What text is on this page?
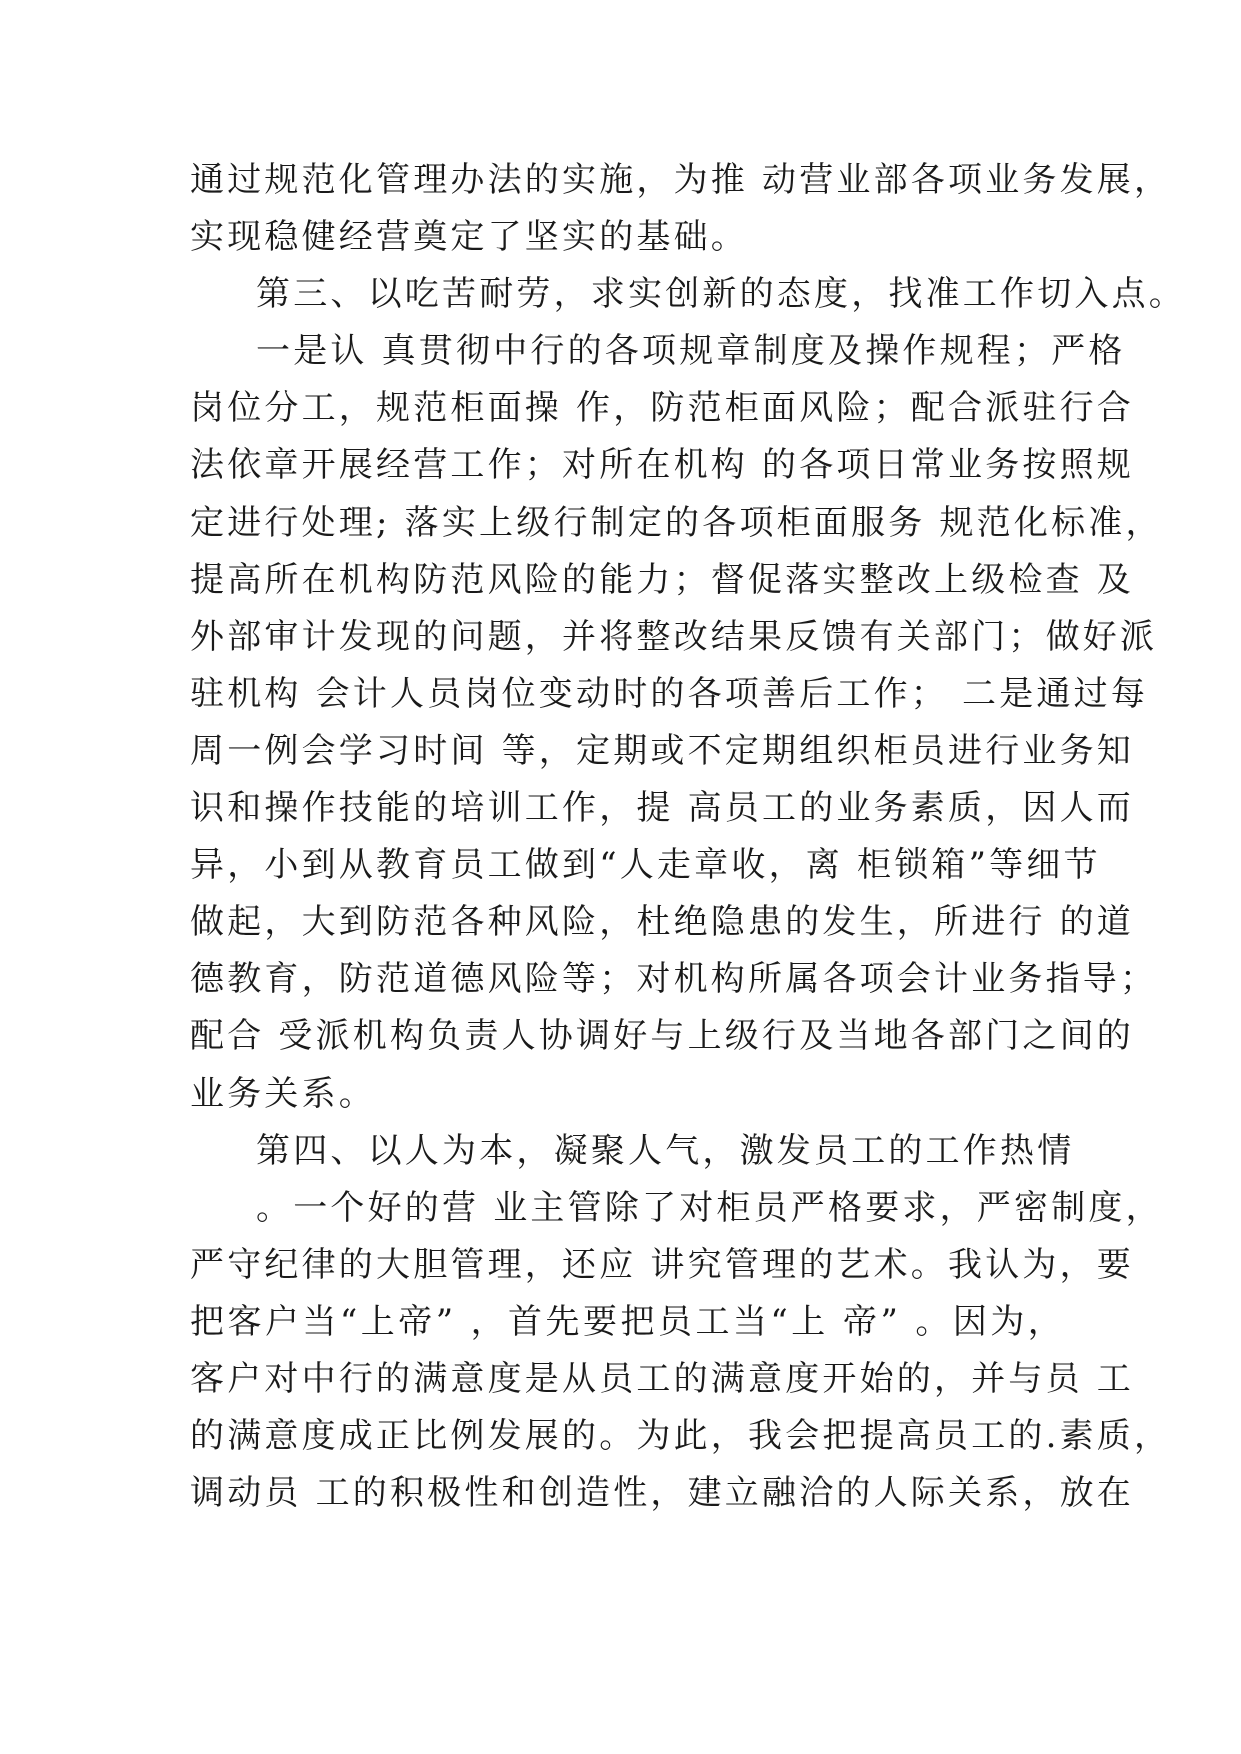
通过规范化管理办法的实施，为推 动营业部各项业务发展，
实现稳健经营奠定了坚实的基础。
第三、以吃苦耐劳，求实创新的态度，找准工作切入点。
一是认 真贯彻中行的各项规章制度及操作规程；严格
岗位分工，规范柜面操 作，防范柜面风险；配合派驻行合
法依章开展经营工作；对所在机构 的各项日常业务按照规
定进行处理; 落实上级行制定的各项柜面服务 规范化标准，
提高所在机构防范风险的能力；督促落实整改上级检查 及
外部审计发现的问题，并将整改结果反馈有关部门；做好派
驻机构 会计人员岗位变动时的各项善后工作； 二是通过每
周一例会学习时间 等，定期或不定期组织柜员进行业务知
识和操作技能的培训工作，提 高员工的业务素质，因人而
异，小到从教育员工做到“人走章收，离 柜锁箱”等细节
做起，大到防范各种风险，杜绝隐患的发生，所进行 的道
德教育，防范道德风险等；对机构所属各项会计业务指导；
配合 受派机构负责人协调好与上级行及当地各部门之间的
业务关系。
第四、以人为本，凝聚人气，激发员工的工作热情
。一个好的营 业主管除了对柜员严格要求，严密制度，
严守纪律的大胆管理，还应 讲究管理的艺术。我认为，要
把客户当“上帝” ，首先要把员工当“上 帝” 。因为，
客户对中行的满意度是从员工的满意度开始的，并与员 工
的满意度成正比例发展的。为此，我会把提高员工的.素质，
调动员 工的积极性和创造性，建立融洽的人际关系，放在
